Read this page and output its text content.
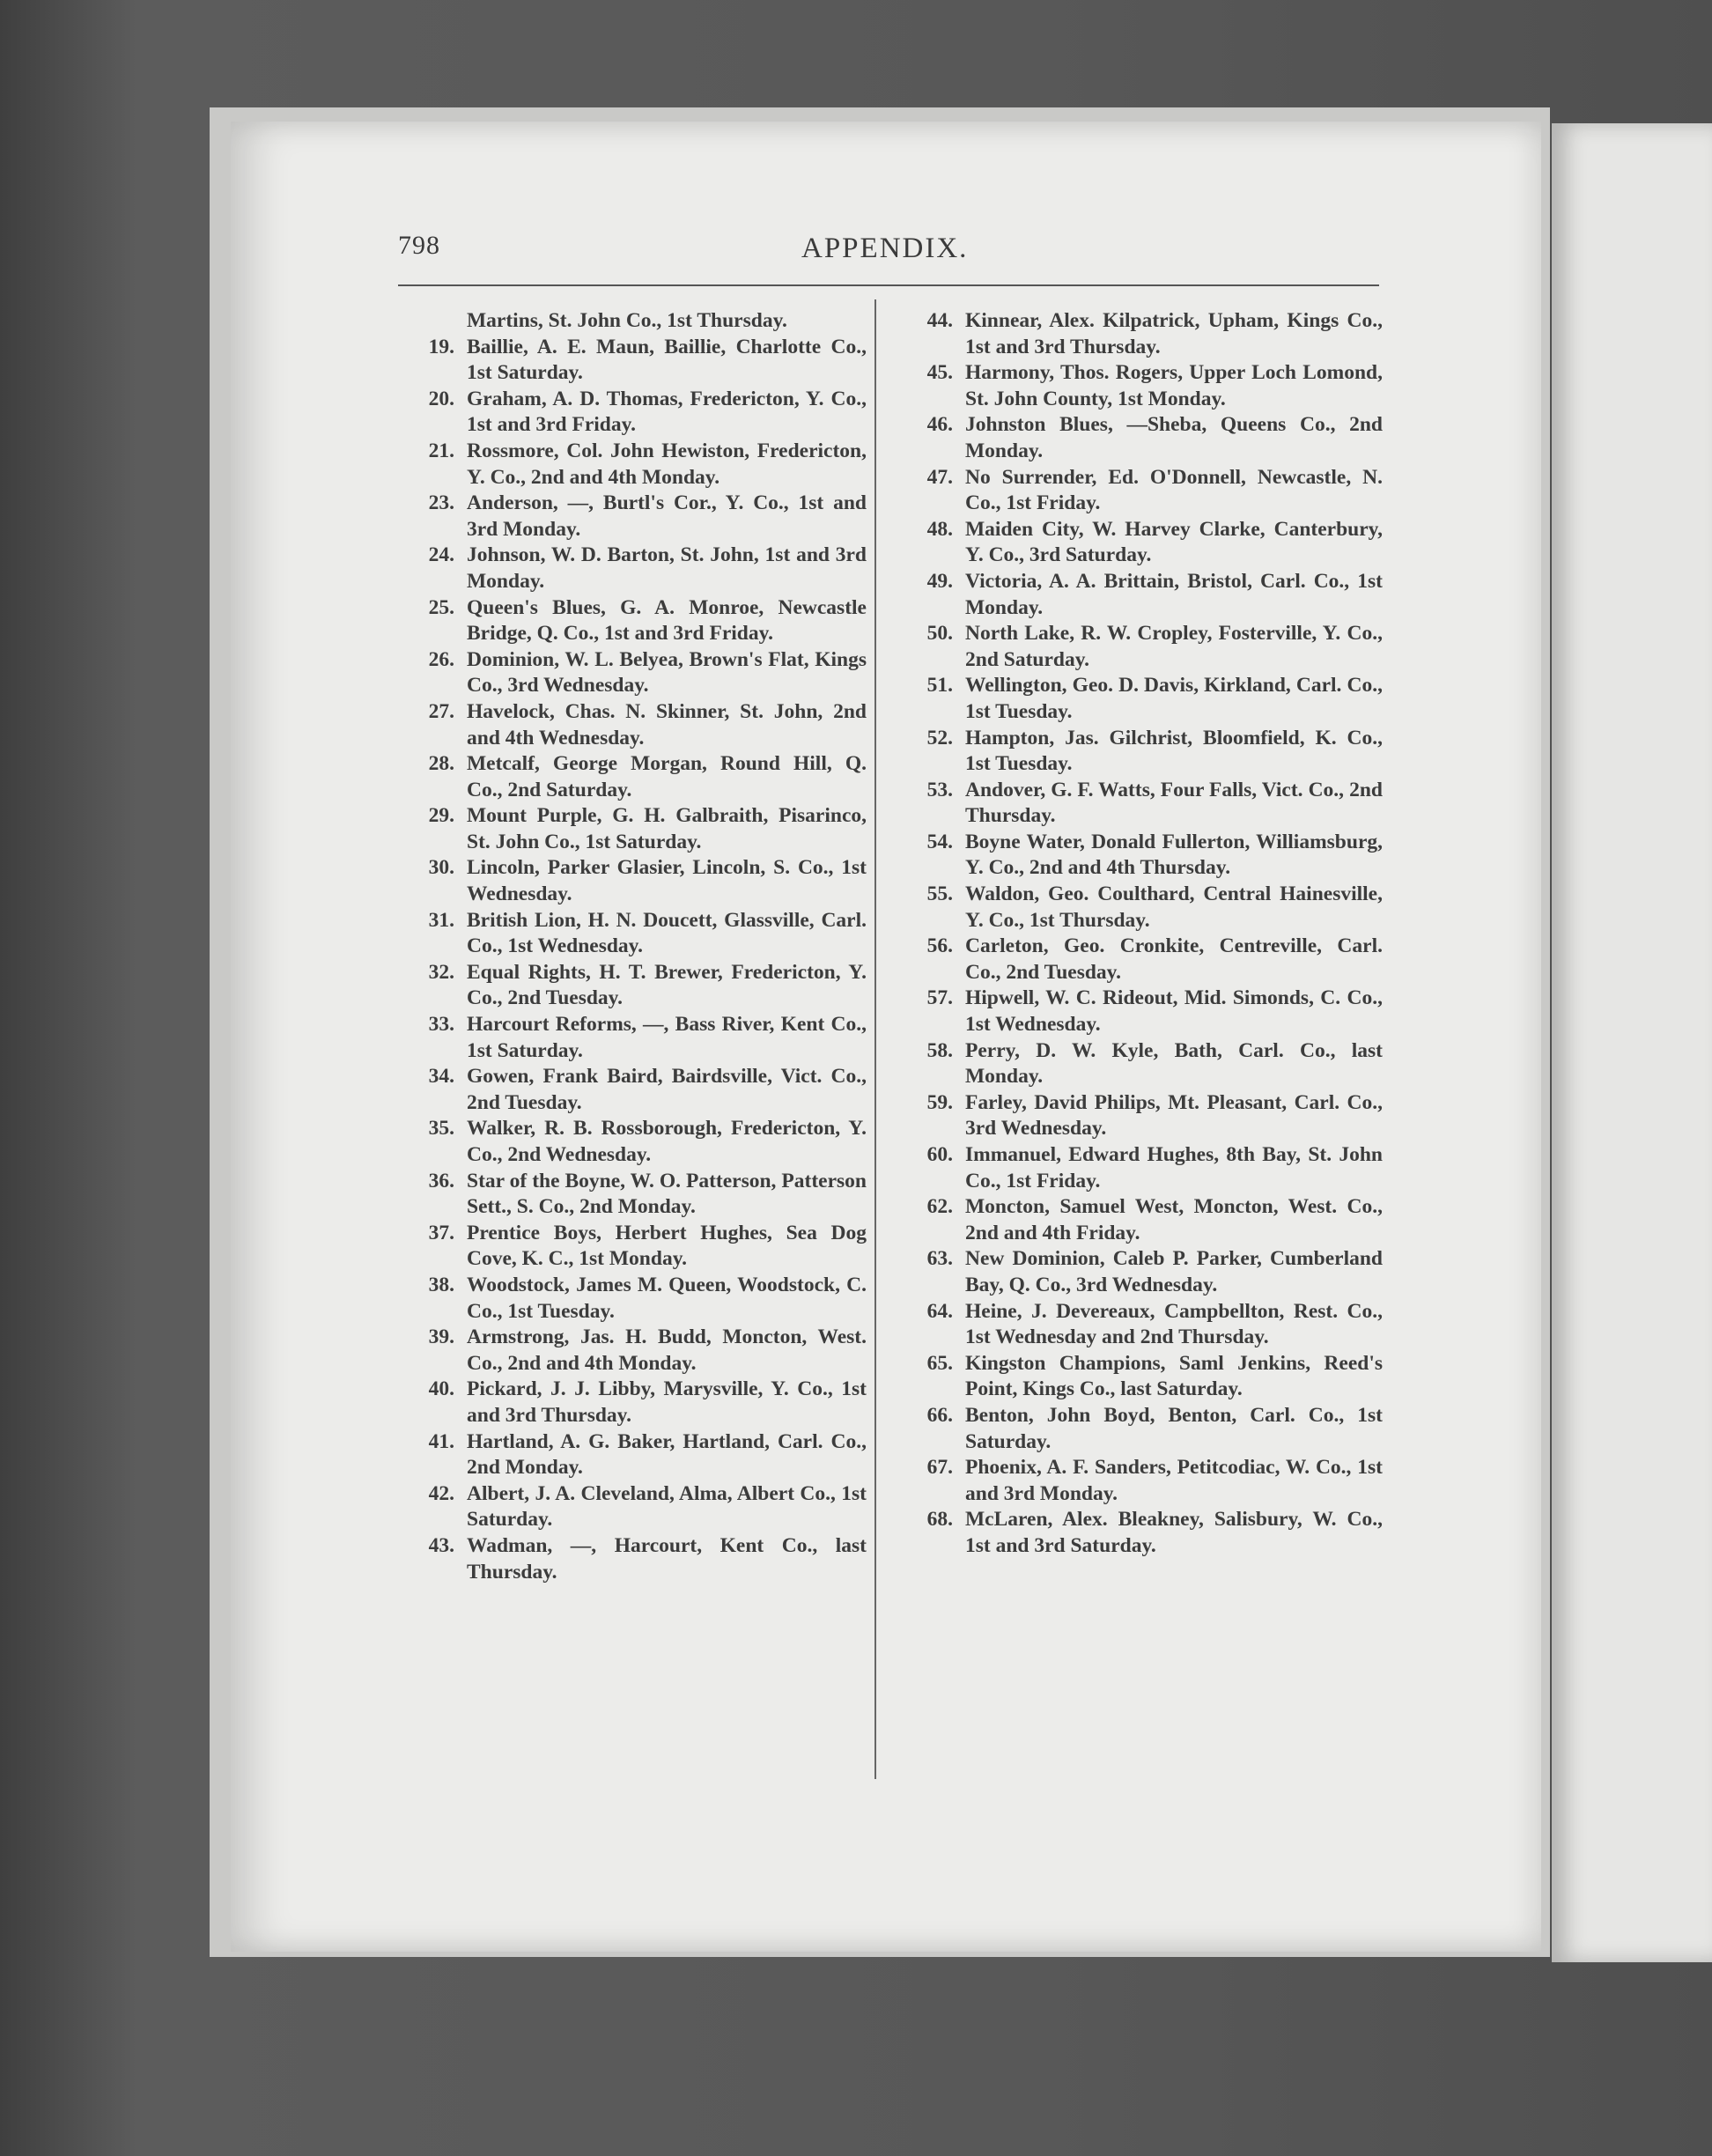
798	APPENDIX.
Martins, St. John Co., 1st Thursday.
19. Baillie, A. E. Maun, Baillie, Charlotte Co., 1st Saturday.
20. Graham, A. D. Thomas, Fredericton, Y. Co., 1st and 3rd Friday.
21. Rossmore, Col. John Hewiston, Fredericton, Y. Co., 2nd and 4th Monday.
23. Anderson, —, Burtl's Cor., Y. Co., 1st and 3rd Monday.
24. Johnson, W. D. Barton, St. John, 1st and 3rd Monday.
25. Queen's Blues, G. A. Monroe, Newcastle Bridge, Q. Co., 1st and 3rd Friday.
26. Dominion, W. L. Belyea, Brown's Flat, Kings Co., 3rd Wednesday.
27. Havelock, Chas. N. Skinner, St. John, 2nd and 4th Wednesday.
28. Metcalf, George Morgan, Round Hill, Q. Co., 2nd Saturday.
29. Mount Purple, G. H. Galbraith, Pisarinco, St. John Co., 1st Saturday.
30. Lincoln, Parker Glasier, Lincoln, S. Co., 1st Wednesday.
31. British Lion, H. N. Doucett, Glassville, Carl. Co., 1st Wednesday.
32. Equal Rights, H. T. Brewer, Fredericton, Y. Co., 2nd Tuesday.
33. Harcourt Reforms, —, Bass River, Kent Co., 1st Saturday.
34. Gowen, Frank Baird, Bairdsville, Vict. Co., 2nd Tuesday.
35. Walker, R. B. Rossborough, Fredericton, Y. Co., 2nd Wednesday.
36. Star of the Boyne, W. O. Patterson, Patterson Sett., S. Co., 2nd Monday.
37. Prentice Boys, Herbert Hughes, Sea Dog Cove, K. C., 1st Monday.
38. Woodstock, James M. Queen, Woodstock, C. Co., 1st Tuesday.
39. Armstrong, Jas. H. Budd, Moncton, West. Co., 2nd and 4th Monday.
40. Pickard, J. J. Libby, Marysville, Y. Co., 1st and 3rd Thursday.
41. Hartland, A. G. Baker, Hartland, Carl. Co., 2nd Monday.
42. Albert, J. A. Cleveland, Alma, Albert Co., 1st Saturday.
43. Wadman, —, Harcourt, Kent Co., last Thursday.
44. Kinnear, Alex. Kilpatrick, Upham, Kings Co., 1st and 3rd Thursday.
45. Harmony, Thos. Rogers, Upper Loch Lomond, St. John County, 1st Monday.
46. Johnston Blues, —Sheba, Queens Co., 2nd Monday.
47. No Surrender, Ed. O'Donnell, Newcastle, N. Co., 1st Friday.
48. Maiden City, W. Harvey Clarke, Canterbury, Y. Co., 3rd Saturday.
49. Victoria, A. A. Brittain, Bristol, Carl. Co., 1st Monday.
50. North Lake, R. W. Cropley, Fosterville, Y. Co., 2nd Saturday.
51. Wellington, Geo. D. Davis, Kirkland, Carl. Co., 1st Tuesday.
52. Hampton, Jas. Gilchrist, Bloomfield, K. Co., 1st Tuesday.
53. Andover, G. F. Watts, Four Falls, Vict. Co., 2nd Thursday.
54. Boyne Water, Donald Fullerton, Williamsburg, Y. Co., 2nd and 4th Thursday.
55. Waldon, Geo. Coulthard, Central Hainesville, Y. Co., 1st Thursday.
56. Carleton, Geo. Cronkite, Centreville, Carl. Co., 2nd Tuesday.
57. Hipwell, W. C. Rideout, Mid. Simonds, C. Co., 1st Wednesday.
58. Perry, D. W. Kyle, Bath, Carl. Co., last Monday.
59. Farley, David Philips, Mt. Pleasant, Carl. Co., 3rd Wednesday.
60. Immanuel, Edward Hughes, 8th Bay, St. John Co., 1st Friday.
62. Moncton, Samuel West, Moncton, West. Co., 2nd and 4th Friday.
63. New Dominion, Caleb P. Parker, Cumberland Bay, Q. Co., 3rd Wednesday.
64. Heine, J. Devereaux, Campbellton, Rest. Co., 1st Wednesday and 2nd Thursday.
65. Kingston Champions, Saml Jenkins, Reed's Point, Kings Co., last Saturday.
66. Benton, John Boyd, Benton, Carl. Co., 1st Saturday.
67. Phoenix, A. F. Sanders, Petitcodiac, W. Co., 1st and 3rd Monday.
68. McLaren, Alex. Bleakney, Salisbury, W. Co., 1st and 3rd Saturday.
